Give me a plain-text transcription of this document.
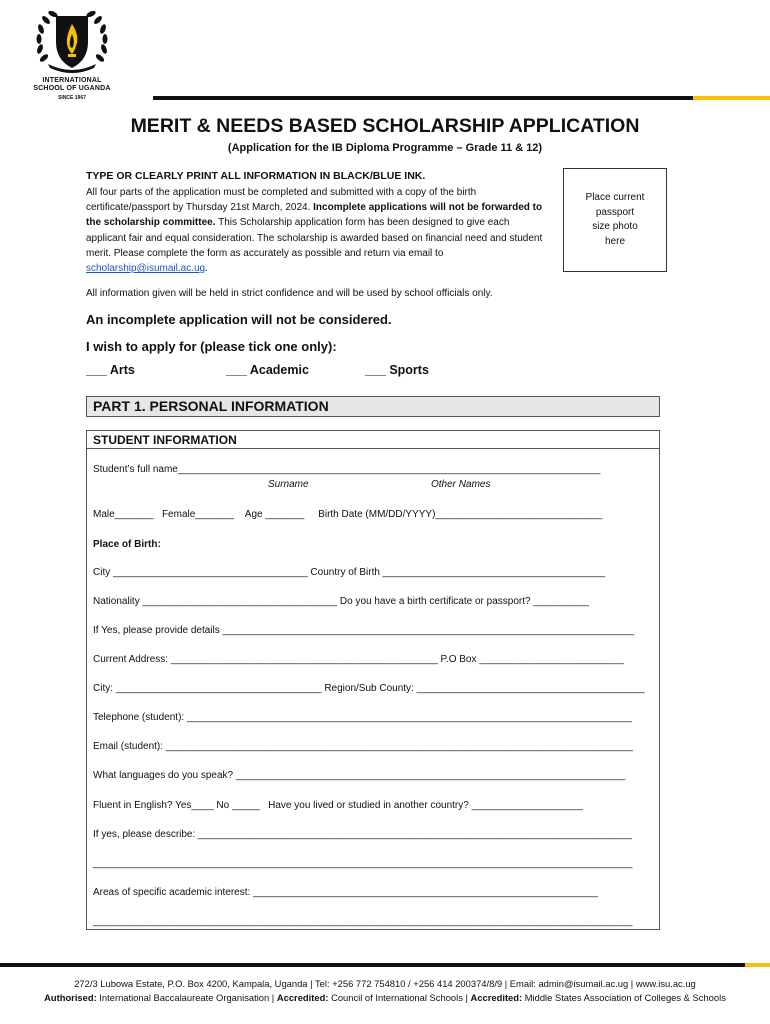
INTERNATIONAL
SCHOOL OF UGANDA
SINCE 1967
MERIT & NEEDS BASED SCHOLARSHIP APPLICATION
(Application for the IB Diploma Programme – Grade 11 & 12)
TYPE OR CLEARLY PRINT ALL INFORMATION IN BLACK/BLUE INK.
All four parts of the application must be completed and submitted with a copy of the birth certificate/passport by Thursday 21st March, 2024. Incomplete applications will not be forwarded to the scholarship committee. This Scholarship application form has been designed to give each applicant fair and equal consideration. The scholarship is awarded based on financial need and student merit. Please complete the form as accurately as possible and return via email to scholarship@isumail.ac.ug.
Place current
passport
size photo
here
All information given will be held in strict confidence and will be used by school officials only.
An incomplete application will not be considered.
I wish to apply for (please tick one only):
___ Arts	___ Academic	___ Sports
PART 1. PERSONAL INFORMATION
STUDENT INFORMATION
Student’s full name____________________________________________________________________________
Surname	Other Names
Male_______   Female_______    Age _______     Birth Date (MM/DD/YYYY)______________________________
Place of Birth:
City ___________________________________ Country of Birth ________________________________________
Nationality ___________________________________ Do you have a birth certificate or passport? __________
If Yes, please provide details __________________________________________________________________________
Current Address: ________________________________________________ P.O Box __________________________
City: _____________________________________ Region/Sub County: _________________________________________
Telephone (student): ________________________________________________________________________________
Email (student): ____________________________________________________________________________________
What languages do you speak? ______________________________________________________________________
Fluent in English? Yes____ No _____   Have you lived or studied in another country? ____________________
If yes, please describe: ______________________________________________________________________________
_________________________________________________________________________________________________
Areas of specific academic interest: ______________________________________________________________
_________________________________________________________________________________________________
272/3 Lubowa Estate, P.O. Box 4200, Kampala, Uganda | Tel: +256 772 754810 / +256 414 200374/8/9 | Email: admin@isumail.ac.ug | www.isu.ac.ug
Authorised: International Baccalaureate Organisation | Accredited: Council of International Schools | Accredited: Middle States Association of Colleges & Schools
